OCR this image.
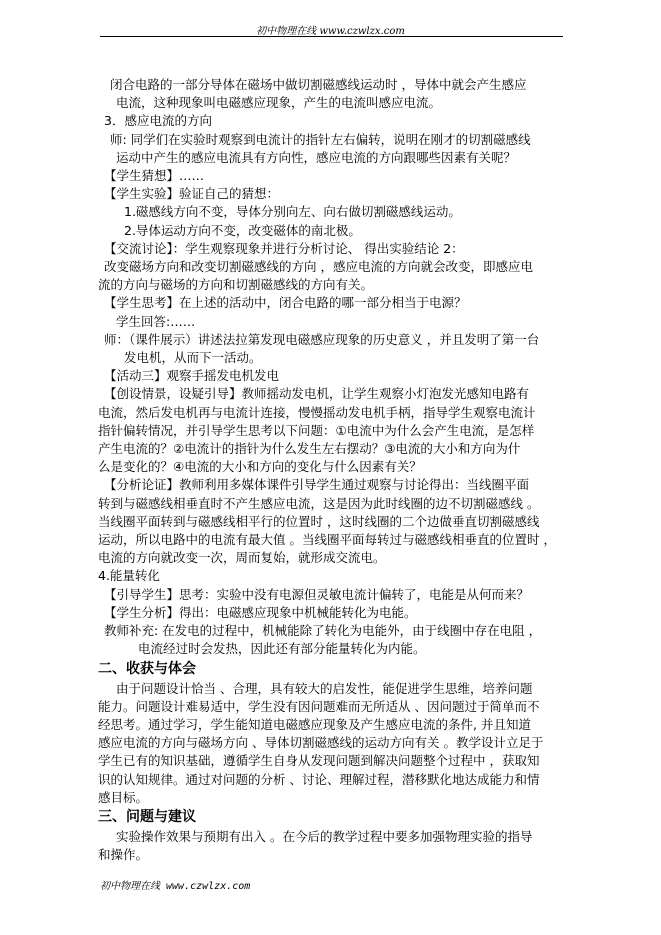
初中物理在线 www.czwlzx.com
闭合电路的一部分导体在磁场中做切割磁感线运动时 ，导体中就会产生感应
电流，这种现象叫电磁感应现象，产生的电流叫感应电流。
3．感应电流的方向
师: 同学们在实验时观察到电流计的指针左右偏转，说明在刚才的切割磁感线
运动中产生的感应电流具有方向性，感应电流的方向跟哪些因素有关呢？
【学生猜想】……
【学生实验】验证自己的猜想：
1.磁感线方向不变，导体分别向左、向右做切割磁感线运动。
2.导体运动方向不变，改变磁体的南北极。
【交流讨论】：学生观察现象并进行分析讨论、 得出实验结论 2：
改变磁场方向和改变切割磁感线的方向 ，感应电流的方向就会改变，即感应电
流的方向与磁场的方向和切割磁感线的方向有关。
【学生思考】在上述的活动中，闭合电路的哪一部分相当于电源？
学生回答:……
师：（课件展示）讲述法拉第发现电磁感应现象的历史意义 ，并且发明了第一台
发电机，从而下一活动。
【活动三】观察手摇发电机发电
【创设情景，设疑引导】教师摇动发电机，让学生观察小灯泡发光感知电路有
电流，然后发电机再与电流计连接，慢慢摇动发电机手柄，指导学生观察电流计
指针偏转情况，并引导学生思考以下问题：①电流中为什么会产生电流，是怎样
产生电流的？②电流计的指针为什么发生左右摆动？③电流的大小和方向为什
么是变化的？④电流的大小和方向的变化与什么因素有关？
【分析论证】教师利用多媒体课件引导学生通过观察与讨论得出：当线圈平面
转到与磁感线相垂直时不产生感应电流，这是因为此时线圈的边不切割磁感线 。
当线圈平面转到与磁感线相平行的位置时 ，这时线圈的二个边做垂直切割磁感线
运动，所以电路中的电流有最大值 。当线圈平面每转过与磁感线相垂直的位置时 ，
电流的方向就改变一次，周而复始，就形成交流电。
4.能量转化
【引导学生】思考：实验中没有电源但灵敏电流计偏转了，电能是从何而来？
【学生分析】得出：电磁感应现象中机械能转化为电能。
教师补充: 在发电的过程中，机械能除了转化为电能外，由于线圈中存在电阻 ，
电流经过时会发热，因此还有部分能量转化为内能。
二、收获与体会
由于问题设计恰当 、合理，具有较大的启发性，能促进学生思维，培养问题
能力。问题设计难易适中，学生没有因问题难而无所适从 、因问题过于简单而不
经思考。通过学习，学生能知道电磁感应现象及产生感应电流的条件, 并且知道
感应电流的方向与磁场方向 、导体切割磁感线的运动方向有关 。教学设计立足于
学生已有的知识基础，遵循学生自身从发现问题到解决问题整个过程中 ，获取知
识的认知规律。通过对问题的分析 、讨论、理解过程，潜移默化地达成能力和情
感目标。
三、问题与建议
实验操作效果与预期有出入 。在今后的教学过程中要多加强物理实验的指导
和操作。
初中物理在线 www.czwlzx.com
